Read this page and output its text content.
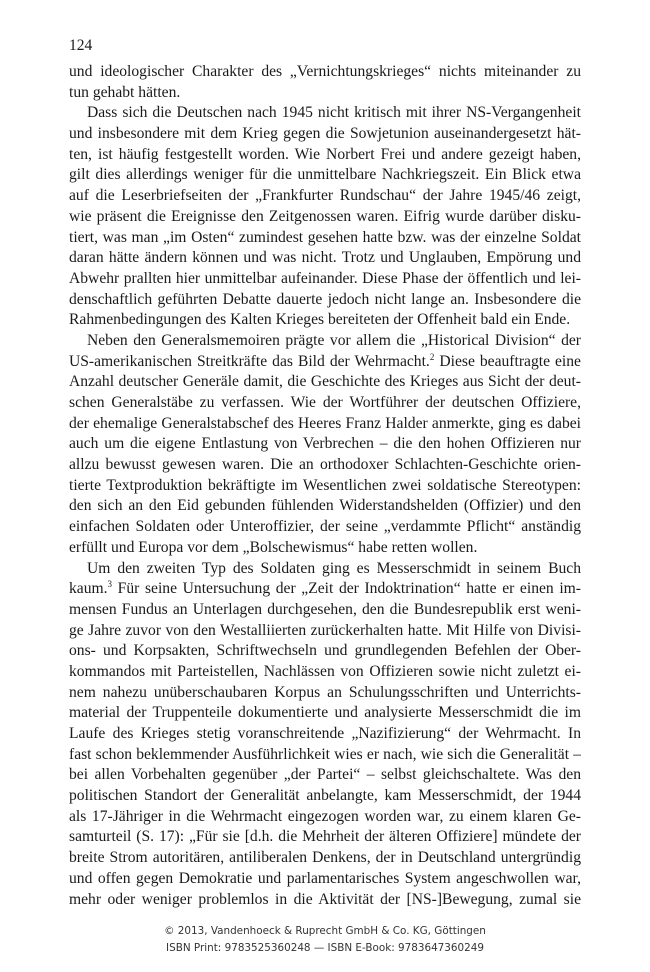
124
und ideologischer Charakter des „Vernichtungskrieges“ nichts miteinander zu
tun gehabt hätten.
Dass sich die Deutschen nach 1945 nicht kritisch mit ihrer NS-Vergangenheit
und insbesondere mit dem Krieg gegen die Sowjetunion auseinandergesetzt hät-
ten, ist häufig festgestellt worden. Wie Norbert Frei und andere gezeigt haben,
gilt dies allerdings weniger für die unmittelbare Nachkriegszeit. Ein Blick etwa
auf die Leserbriefseiten der „Frankfurter Rundschau“ der Jahre 1945/46 zeigt,
wie präsent die Ereignisse den Zeitgenossen waren. Eifrig wurde darüber disku-
tiert, was man „im Osten“ zumindest gesehen hatte bzw. was der einzelne Soldat
daran hätte ändern können und was nicht. Trotz und Unglauben, Empörung und
Abwehr prallten hier unmittelbar aufeinander. Diese Phase der öffentlich und lei-
denschaftlich geführten Debatte dauerte jedoch nicht lange an. Insbesondere die
Rahmenbedingungen des Kalten Krieges bereiteten der Offenheit bald ein Ende.
Neben den Generalsmemoiren prägte vor allem die „Historical Division“ der
US-amerikanischen Streitkräfte das Bild der Wehrmacht.$^2$ Diese beauftragte eine
Anzahl deutscher Generäle damit, die Geschichte des Krieges aus Sicht der deut-
schen Generalstäbe zu verfassen. Wie der Wortführer der deutschen Offiziere,
der ehemalige Generalstabschef des Heeres Franz Halder anmerkte, ging es dabei
auch um die eigene Entlastung von Verbrechen – die den hohen Offizieren nur
allzu bewusst gewesen waren. Die an orthodoxer Schlachten-Geschichte orien-
tierte Textproduktion bekräftigte im Wesentlichen zwei soldatische Stereotypen:
den sich an den Eid gebunden fühlenden Widerstandshelden (Offizier) und den
einfachen Soldaten oder Unteroffizier, der seine „verdammte Pflicht“ anständig
erfüllt und Europa vor dem „Bolschewismus“ habe retten wollen.
Um den zweiten Typ des Soldaten ging es Messerschmidt in seinem Buch
kaum.$^3$ Für seine Untersuchung der „Zeit der Indoktrination“ hatte er einen im-
mensen Fundus an Unterlagen durchgesehen, den die Bundesrepublik erst weni-
ge Jahre zuvor von den Westalliierten zurückerhalten hatte. Mit Hilfe von Divisi-
ons- und Korpsakten, Schriftwechseln und grundlegenden Befehlen der Ober-
kommandos mit Parteistellen, Nachlässen von Offizieren sowie nicht zuletzt ei-
nem nahezu unüberschaubaren Korpus an Schulungsschriften und Unterrichts-
material der Truppenteile dokumentierte und analysierte Messerschmidt die im
Laufe des Krieges stetig voranschreitende „Nazifizierung“ der Wehrmacht. In
fast schon beklemmender Ausführlichkeit wies er nach, wie sich die Generalität –
bei allen Vorbehalten gegenüber „der Partei“ – selbst gleichschaltete. Was den
politischen Standort der Generalität anbelangte, kam Messerschmidt, der 1944
als 17-Jähriger in die Wehrmacht eingezogen worden war, zu einem klaren Ge-
samturteil (S. 17): „Für sie [d.h. die Mehrheit der älteren Offiziere] mündete der
breite Strom autoritären, antiliberalen Denkens, der in Deutschland untergründig
und offen gegen Demokratie und parlamentarisches System angeschwollen war,
mehr oder weniger problemlos in die Aktivität der [NS-]Bewegung, zumal sie
© 2013, Vandenhoeck & Ruprecht GmbH & Co. KG, Göttingen
ISBN Print: 9783525360248 — ISBN E-Book: 9783647360249
